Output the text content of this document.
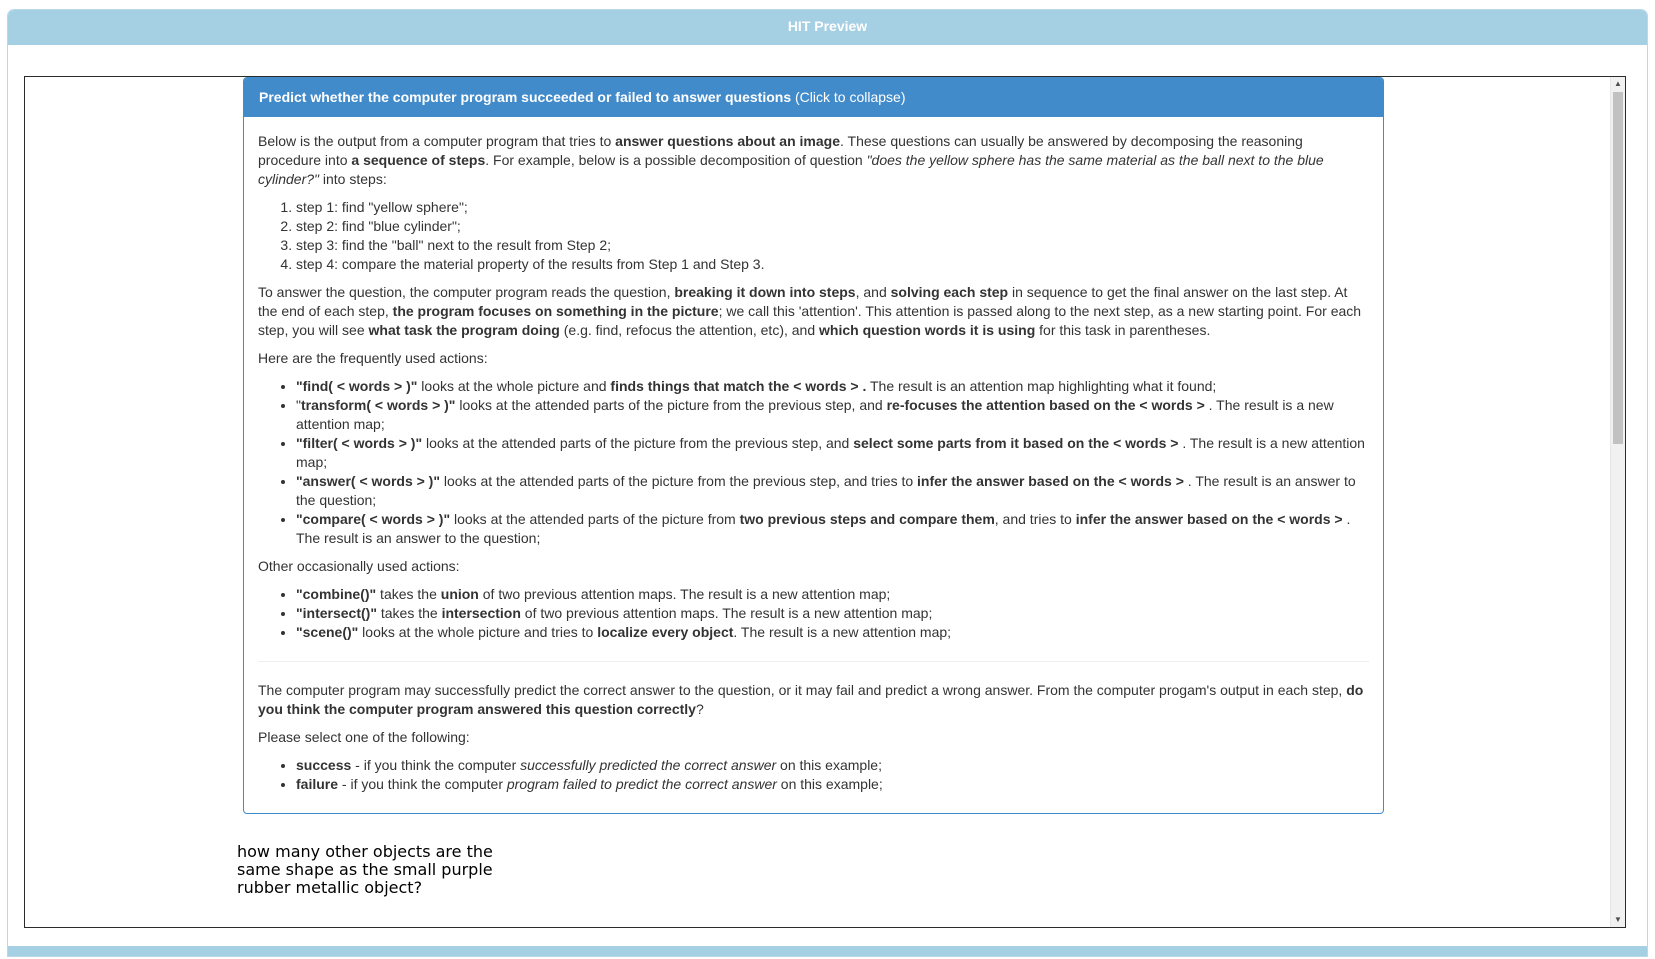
HIT Preview
Predict whether the computer program succeeded or failed to answer questions (Click to collapse)

Below is the output from a computer program that tries to answer questions about an image. These questions can usually be answered by decomposing the reasoning procedure into a sequence of steps. For example, below is a possible decomposition of question "does the yellow sphere has the same material as the ball next to the blue cylinder?" into steps:

1. step 1: find "yellow sphere";
2. step 2: find "blue cylinder";
3. step 3: find the "ball" next to the result from Step 2;
4. step 4: compare the material property of the results from Step 1 and Step 3.

To answer the question, the computer program reads the question, breaking it down into steps, and solving each step in sequence to get the final answer on the last step. At the end of each step, the program focuses on something in the picture; we call this 'attention'. This attention is passed along to the next step, as a new starting point. For each step, you will see what task the program doing (e.g. find, refocus the attention, etc), and which question words it is using for this task in parentheses.

Here are the frequently used actions:

• "find( < words > )" looks at the whole picture and finds things that match the < words > . The result is an attention map highlighting what it found;
• "transform( < words > )" looks at the attended parts of the picture from the previous step, and re-focuses the attention based on the < words > . The result is a new attention map;
• "filter( < words > )" looks at the attended parts of the picture from the previous step, and select some parts from it based on the < words > . The result is a new attention map;
• "answer( < words > )" looks at the attended parts of the picture from the previous step, and tries to infer the answer based on the < words > . The result is an answer to the question;
• "compare( < words > )" looks at the attended parts of the picture from two previous steps and compare them, and tries to infer the answer based on the < words > . The result is an answer to the question;

Other occasionally used actions:

• "combine()" takes the union of two previous attention maps. The result is a new attention map;
• "intersect()" takes the intersection of two previous attention maps. The result is a new attention map;
• "scene()" looks at the whole picture and tries to localize every object. The result is a new attention map;

The computer program may successfully predict the correct answer to the question, or it may fail and predict a wrong answer. From the computer progam's output in each step, do you think the computer program answered this question correctly?

Please select one of the following:

• success - if you think the computer successfully predicted the correct answer on this example;
• failure - if you think the computer program failed to predict the correct answer on this example;
how many other objects are the same shape as the small purple rubber metallic object?
▲
▼
